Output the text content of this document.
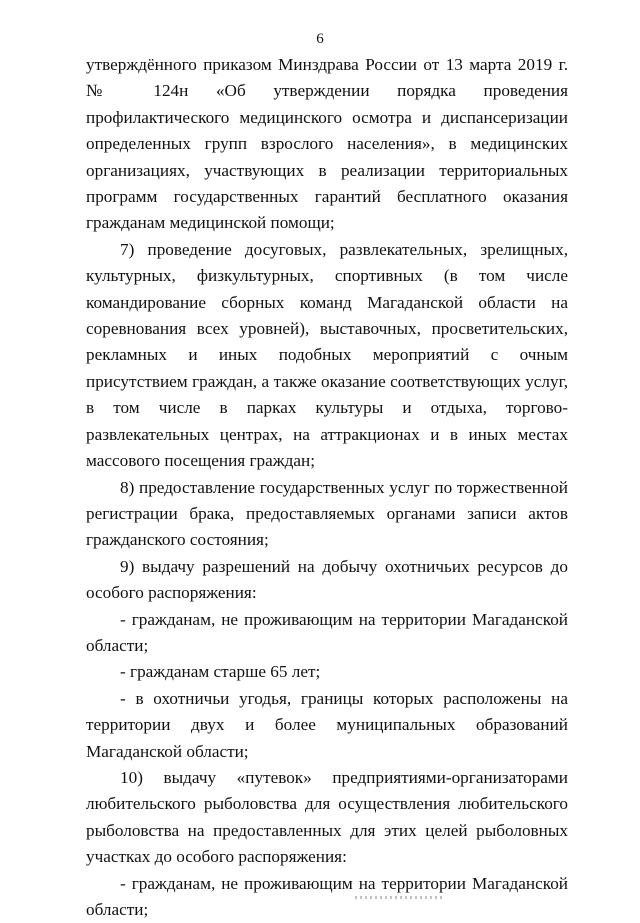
6

утверждённого приказом Минздрава России от 13 марта 2019 г. № 124н «Об утверждении порядка проведения профилактического медицинского осмотра и диспансеризации определенных групп взрослого населения», в медицинских организациях, участвующих в реализации территориальных программ государственных гарантий бесплатного оказания гражданам медицинской помощи;

7) проведение досуговых, развлекательных, зрелищных, культурных, физкультурных, спортивных (в том числе командирование сборных команд Магаданской области на соревнования всех уровней), выставочных, просветительских, рекламных и иных подобных мероприятий с очным присутствием граждан, а также оказание соответствующих услуг, в том числе в парках культуры и отдыха, торгово-развлекательных центрах, на аттракционах и в иных местах массового посещения граждан;

8) предоставление государственных услуг по торжественной регистрации брака, предоставляемых органами записи актов гражданского состояния;

9) выдачу разрешений на добычу охотничьих ресурсов до особого распоряжения:

- гражданам, не проживающим на территории Магаданской области;

- гражданам старше 65 лет;

- в охотничьи угодья, границы которых расположены на территории двух и более муниципальных образований Магаданской области;

10) выдачу «путевок» предприятиями-организаторами любительского рыболовства для осуществления любительского рыболовства на предоставленных для этих целей рыболовных участках до особого распоряжения:

- гражданам, не проживающим на территории Магаданской области;
